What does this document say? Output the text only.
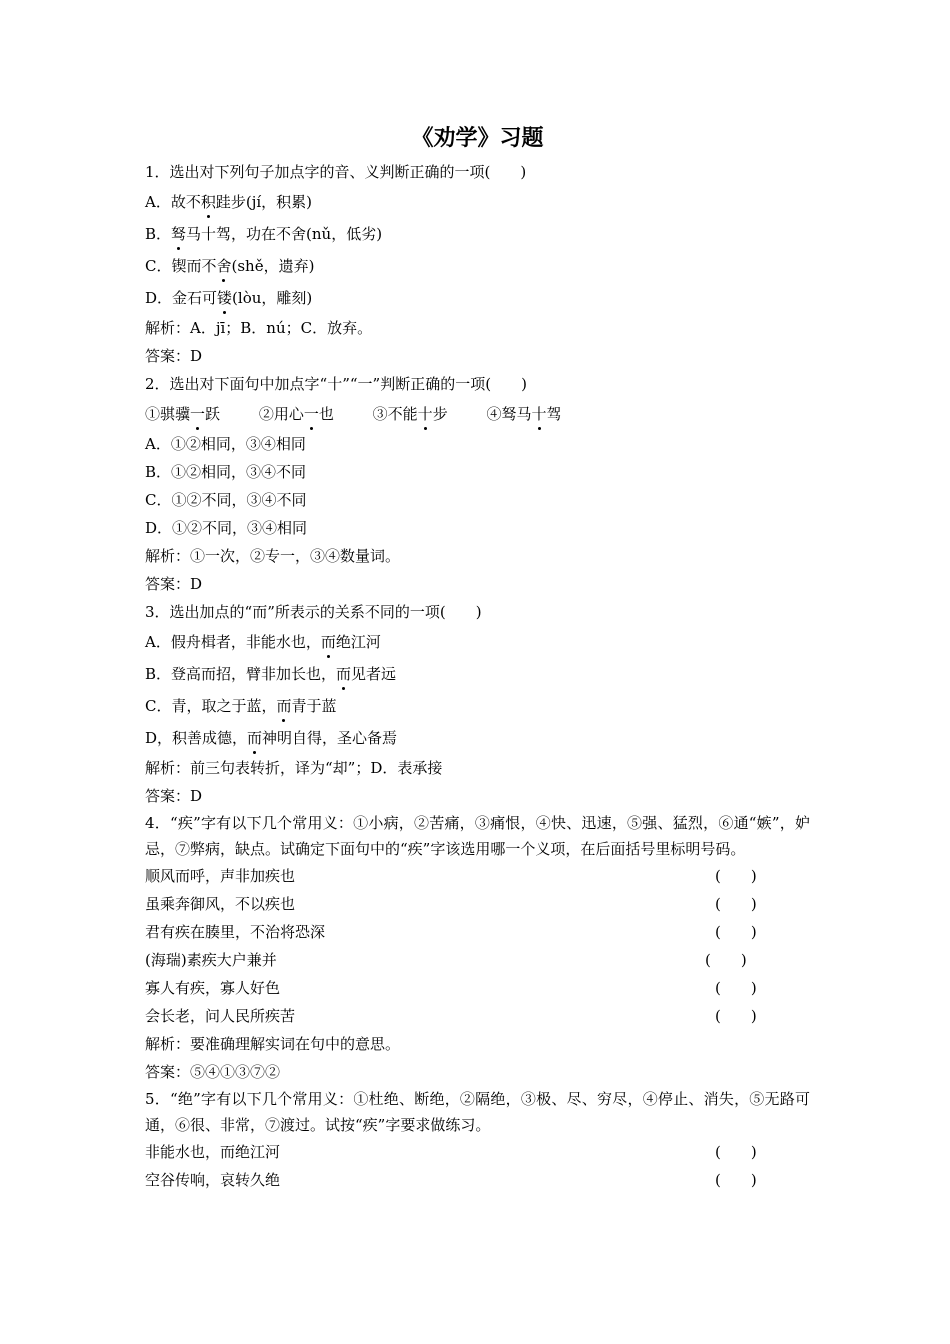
《劝学》习题
1．选出对下列句子加点字的音、义判断正确的一项(　　)
A．故不积跬步(jí，积累)
B．驽马十驾，功在不舍(nǔ，低劣)
C．锲而不舍(shě，遗弃)
D．金石可镂(lòu，雕刻)
解析：A．jī；B．nú；C．放弃。
答案：D
2．选出对下面句中加点字“十”“一”判断正确的一项(　　)
①骐骥一跃	②用心一也	③不能十步	④驽马十驾
A．①②相同，③④相同
B．①②相同，③④不同
C．①②不同，③④不同
D．①②不同，③④相同
解析：①一次，②专一，③④数量词。
答案：D
3．选出加点的“而”所表示的关系不同的一项(　　)
A．假舟楫者，非能水也，而绝江河
B．登高而招，臂非加长也，而见者远
C．青，取之于蓝，而青于蓝
D，积善成德，而神明自得，圣心备焉
解析：前三句表转折，译为“却”；D．表承接
答案：D
4．“疾”字有以下几个常用义：①小病，②苦痛，③痛恨，④快、迅速，⑤强、猛烈，⑥通“嫉”，妒忌，⑦弊病，缺点。试确定下面句中的“疾”字该选用哪一个义项，在后面括号里标明号码。
顺风而呼，声非加疾也	(　　)
虽乘奔御风，不以疾也	(　　)
君有疾在腠里，不治将恐深	(　　)
(海瑞)素疾大户兼并	(　　)
寡人有疾，寡人好色	(　　)
会长老，问人民所疾苦	(　　)
解析：要准确理解实词在句中的意思。
答案：⑤④①③⑦②
5．“绝”字有以下几个常用义：①杜绝、断绝，②隔绝，③极、尽、穷尽，④停止、消失，⑤无路可通，⑥很、非常，⑦渡过。试按“疾”字要求做练习。
非能水也，而绝江河	(　　)
空谷传响，哀转久绝	(　　)
